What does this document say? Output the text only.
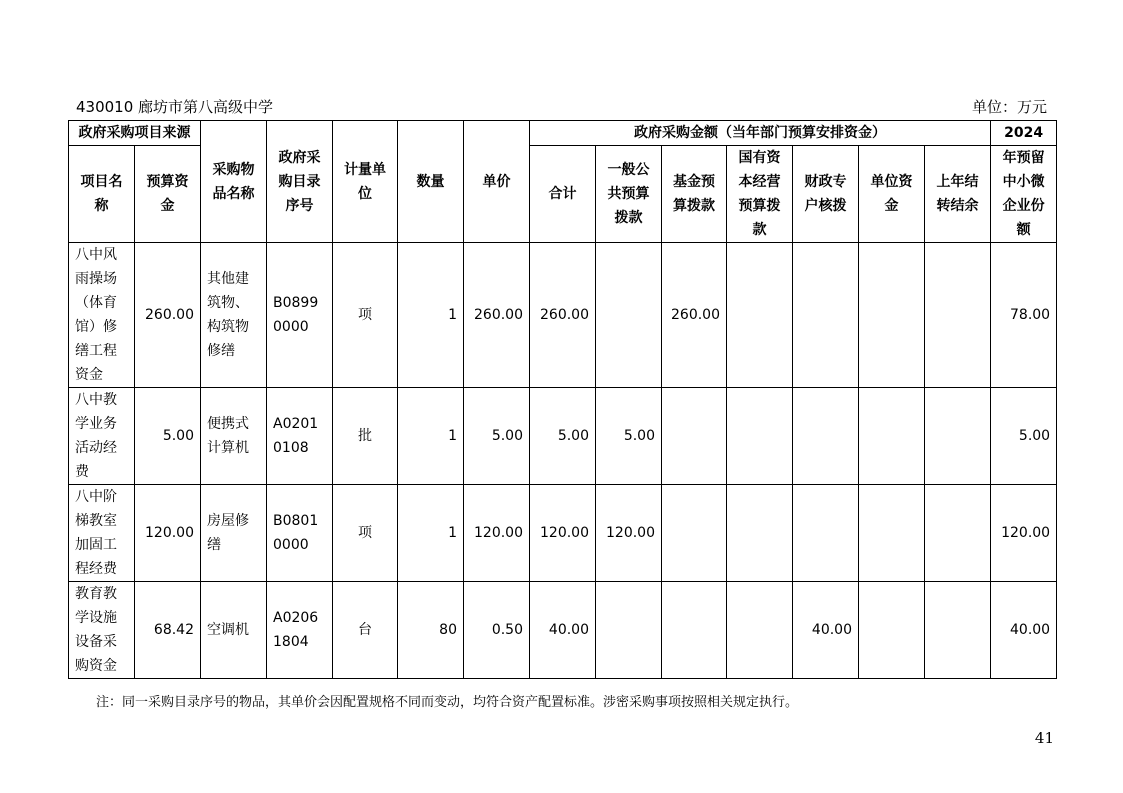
430010 廊坊市第八高级中学	单位：万元
政府采购项目来源		采购物品名称	政府采购目录序号	计量单位	数量	单价	政府采购金额（当年部门预算安排资金）							2024
项目名称	预算资金						合计	一般公共预算拨款	基金预算拨款	国有资本经营预算拨款	财政专户核拨	单位资金	上年结转结余	年预留中小微企业份额
八中风雨操场（体育馆）修缮工程资金	260.00	其他建筑物、构筑物修缮	B08990000	项	1	260.00	260.00		260.00					78.00
八中教学业务活动经费	5.00	便携式计算机	A02010108	批	1	5.00	5.00	5.00						5.00
八中阶梯教室加固工程经费	120.00	房屋修缮	B08010000	项	1	120.00	120.00	120.00						120.00
教育教学设施设备采购资金	68.42	空调机	A02061804	台	80	0.50	40.00				40.00			40.00
注：同一采购目录序号的物品，其单价会因配置规格不同而变动，均符合资产配置标准。涉密采购事项按照相关规定执行。
41
